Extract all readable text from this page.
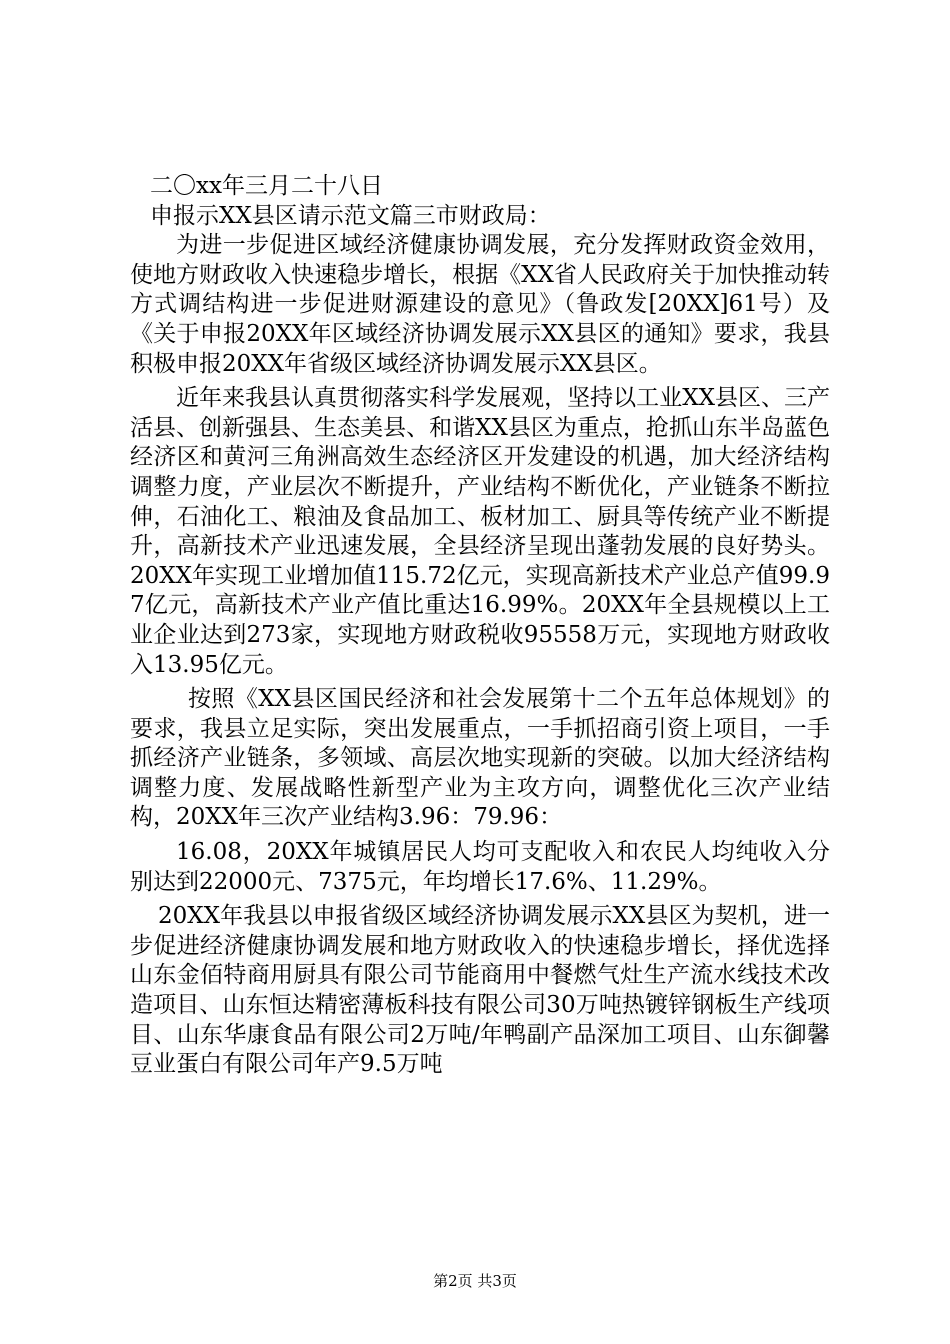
二〇xx年三月二十八日

申报示XX县区请示范文篇三市财政局：

为进一步促进区域经济健康协调发展，充分发挥财政资金效用，使地方财政收入快速稳步增长，根据《XX省人民政府关于加快推动转方式调结构进一步促进财源建设的意见》（鲁政发[20XX]61号）及《关于申报20XX年区域经济协调发展示XX县区的通知》要求，我县积极申报20XX年省级区域经济协调发展示XX县区。

近年来我县认真贯彻落实科学发展观，坚持以工业XX县区、三产活县、创新强县、生态美县、和谐XX县区为重点，抢抓山东半岛蓝色经济区和黄河三角洲高效生态经济区开发建设的机遇，加大经济结构调整力度，产业层次不断提升，产业结构不断优化，产业链条不断拉伸，石油化工、粮油及食品加工、板材加工、厨具等传统产业不断提升，高新技术产业迅速发展，全县经济呈现出蓬勃发展的良好势头。20XX年实现工业增加值115.72亿元，实现高新技术产业总产值99.97亿元，高新技术产业产值比重达16.99%。20XX年全县规模以上工业企业达到273家，实现地方财政税收95558万元，实现地方财政收入13.95亿元。

按照《XX县区国民经济和社会发展第十二个五年总体规划》的要求，我县立足实际，突出发展重点，一手抓招商引资上项目，一手抓经济产业链条，多领域、高层次地实现新的突破。以加大经济结构调整力度、发展战略性新型产业为主攻方向，调整优化三次产业结构，20XX年三次产业结构3.96：79.96：

16.08，20XX年城镇居民人均可支配收入和农民人均纯收入分别达到22000元、7375元，年均增长17.6%、11.29%。

20XX年我县以申报省级区域经济协调发展示XX县区为契机，进一步促进经济健康协调发展和地方财政收入的快速稳步增长，择优选择山东金佰特商用厨具有限公司节能商用中餐燃气灶生产流水线技术改造项目、山东恒达精密薄板科技有限公司30万吨热镀锌钢板生产线项目、山东华康食品有限公司2万吨/年鸭副产品深加工项目、山东御馨豆业蛋白有限公司年产9.5万吨

第2页 共3页
